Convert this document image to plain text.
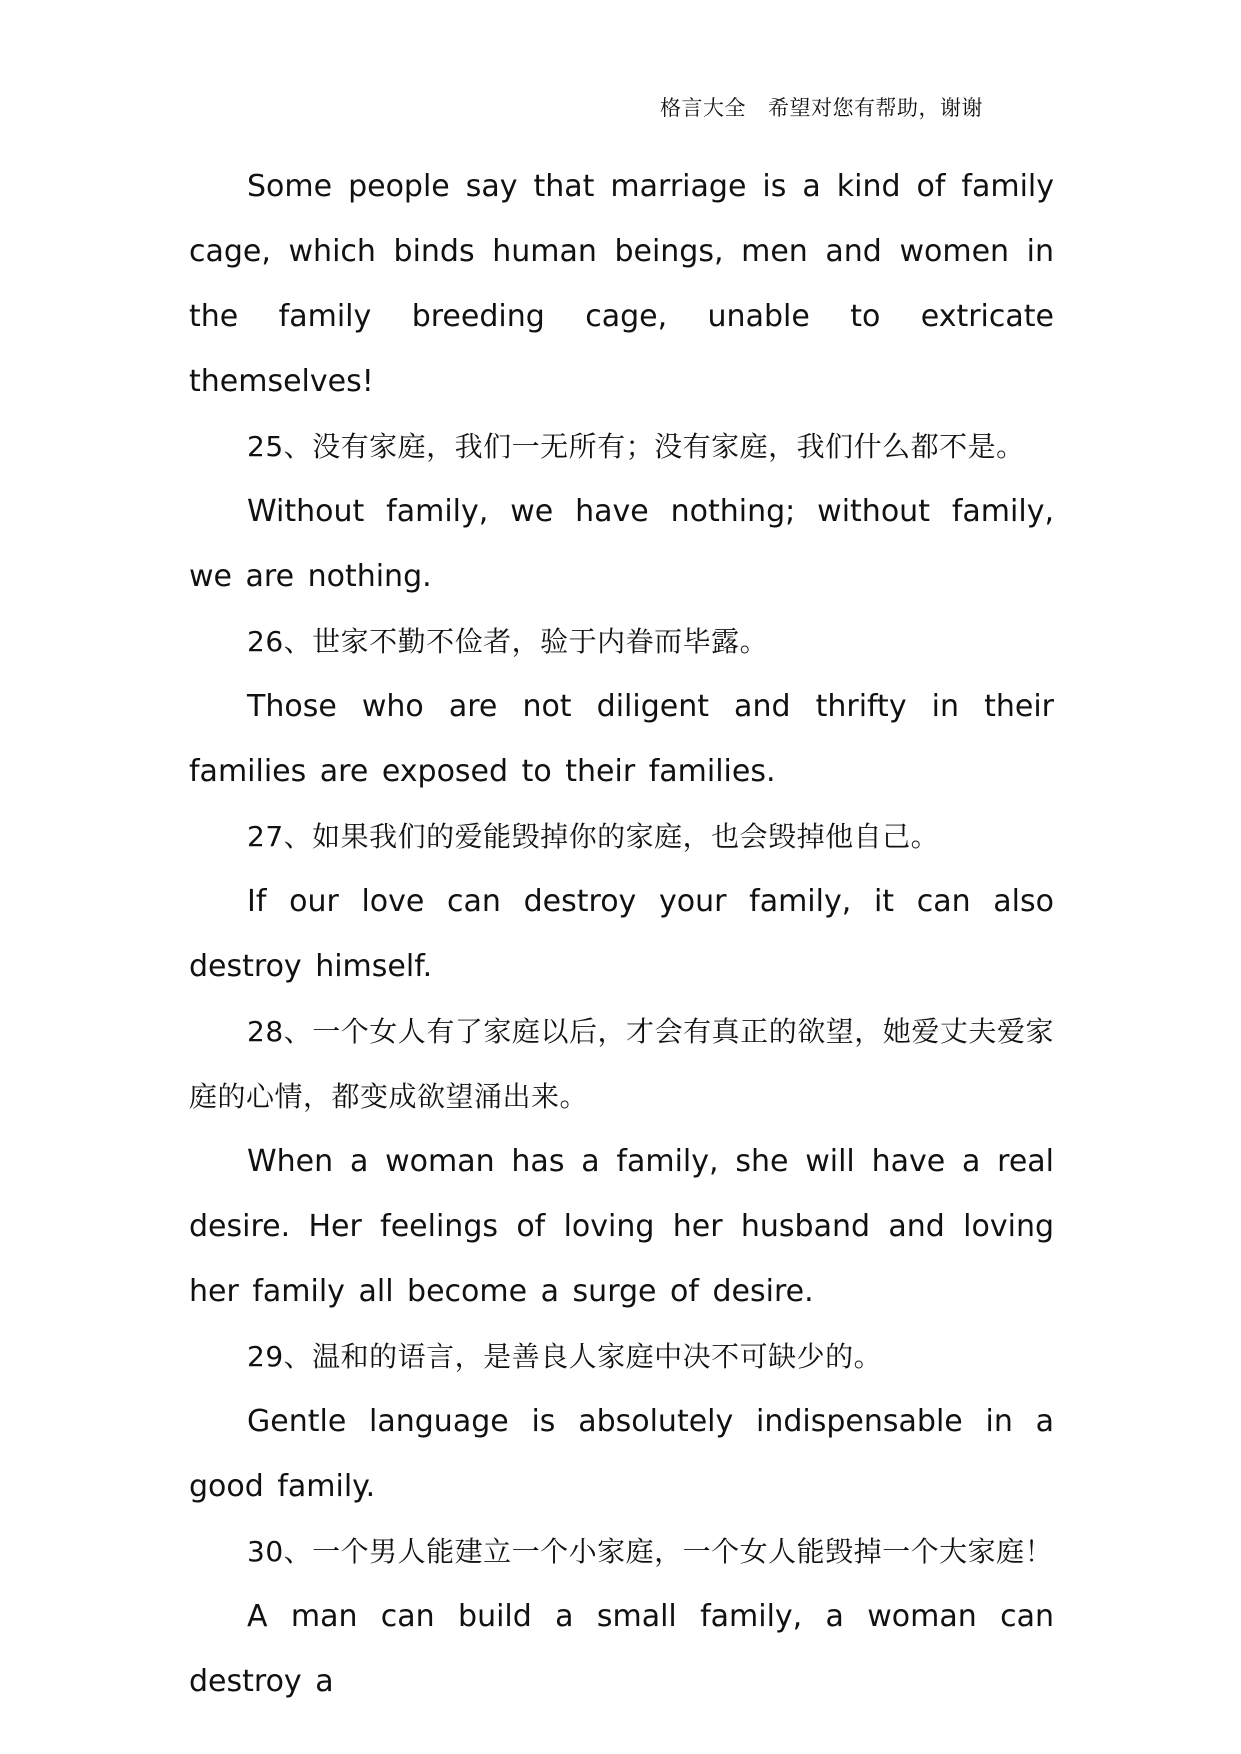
格言大全 希望对您有帮助，谢谢

Some people say that marriage is a kind of family cage, which binds human beings, men and women in the family breeding cage, unable to extricate themselves!

25、没有家庭，我们一无所有；没有家庭，我们什么都不是。

Without family, we have nothing; without family, we are nothing.

26、世家不勤不俭者，验于内眷而毕露。

Those who are not diligent and thrifty in their families are exposed to their families.

27、如果我们的爱能毁掉你的家庭，也会毁掉他自己。

If our love can destroy your family, it can also destroy himself.

28、一个女人有了家庭以后，才会有真正的欲望，她爱丈夫爱家庭的心情，都变成欲望涌出来。

When a woman has a family, she will have a real desire. Her feelings of loving her husband and loving her family all become a surge of desire.

29、温和的语言，是善良人家庭中决不可缺少的。

Gentle language is absolutely indispensable in a good family.

30、一个男人能建立一个小家庭，一个女人能毁掉一个大家庭！

A man can build a small family, a woman can destroy a
